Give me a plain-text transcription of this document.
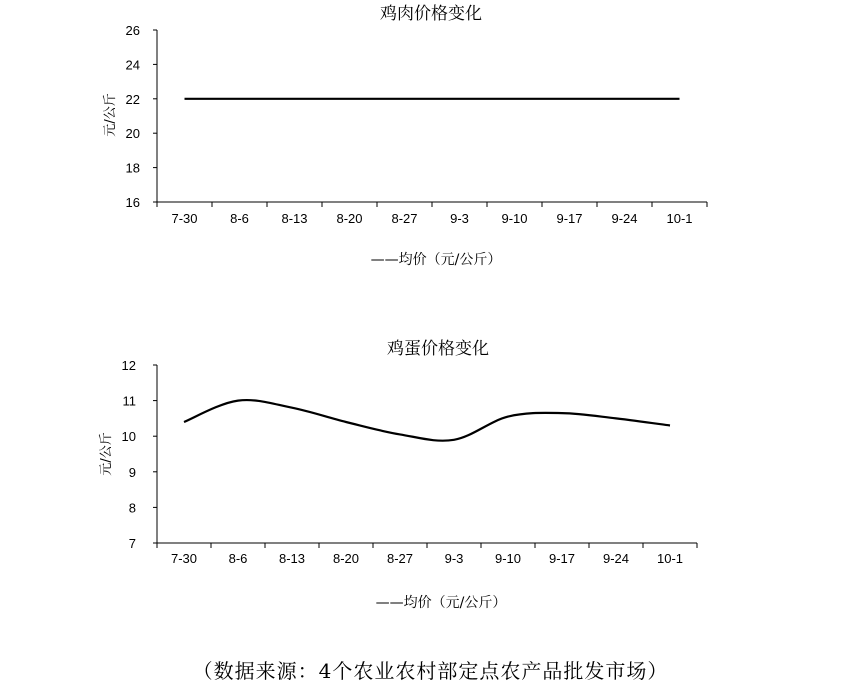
鸡肉价格变化
元/公斤
——均价（元/公斤）
16
18
20
22
24
26
7-30	8-6	8-13 8-20 8-27	9-3	9-10 9-17 9-24 10-1
鸡蛋价格变化
元/公斤
——均价（元/公斤）
7
8
9
10
11
12
7-30 8-6 8-13 8-20 8-27 9-3 9-10 9-17 9-24 10-1
（数据来源：4个农业农村部定点农产品批发市场）
